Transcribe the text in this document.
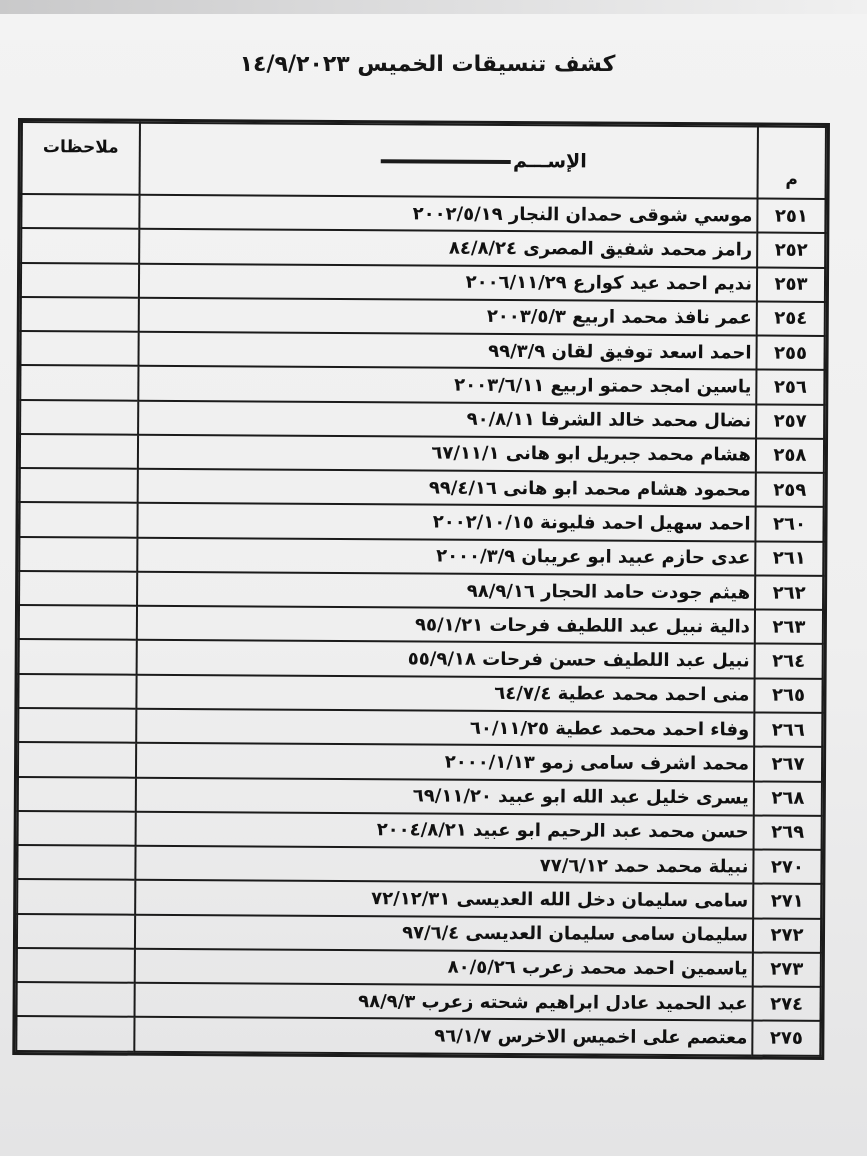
كشف تنسيقات الخميس ١٤/٩/٢٠٢٣
م	الإســـم	ملاحظات
٢٥١	موسي شوقى حمدان النجار ٢٠٠٢/٥/١٩	
٢٥٢	رامز محمد شفيق المصرى ٨٤/٨/٢٤	
٢٥٣	نديم احمد عيد كوارع ٢٠٠٦/١١/٢٩	
٢٥٤	عمر نافذ محمد اربيع ٢٠٠٣/٥/٣	
٢٥٥	احمد اسعد توفيق لقان ٩٩/٣/٩	
٢٥٦	ياسين امجد حمتو اربيع ٢٠٠٣/٦/١١	
٢٥٧	نضال محمد خالد الشرفا ٩٠/٨/١١	
٢٥٨	هشام محمد جبريل ابو هانى ٦٧/١١/١	
٢٥٩	محمود هشام محمد ابو هانى ٩٩/٤/١٦	
٢٦٠	احمد سهيل احمد فليونة ٢٠٠٢/١٠/١٥	
٢٦١	عدى حازم عبيد ابو عريبان ٢٠٠٠/٣/٩	
٢٦٢	هيثم جودت حامد الحجار ٩٨/٩/١٦	
٢٦٣	دالية نبيل عبد اللطيف فرحات ٩٥/١/٢١	
٢٦٤	نبيل عبد اللطيف حسن فرحات ٥٥/٩/١٨	
٢٦٥	منى احمد محمد عطية ٦٤/٧/٤	
٢٦٦	وفاء احمد محمد عطية ٦٠/١١/٢٥	
٢٦٧	محمد اشرف سامى زمو ٢٠٠٠/١/١٣	
٢٦٨	يسرى خليل عبد الله ابو عبيد ٦٩/١١/٢٠	
٢٦٩	حسن محمد عبد الرحيم ابو عبيد ٢٠٠٤/٨/٢١	
٢٧٠	نبيلة محمد حمد ٧٧/٦/١٢	
٢٧١	سامى سليمان دخل الله العديسى ٧٢/١٢/٣١	
٢٧٢	سليمان سامى سليمان العديسى ٩٧/٦/٤	
٢٧٣	ياسمين احمد محمد زعرب ٨٠/٥/٢٦	
٢٧٤	عبد الحميد عادل ابراهيم شحته زعرب ٩٨/٩/٣	
٢٧٥	معتصم على اخميس الاخرس ٩٦/١/٧	
